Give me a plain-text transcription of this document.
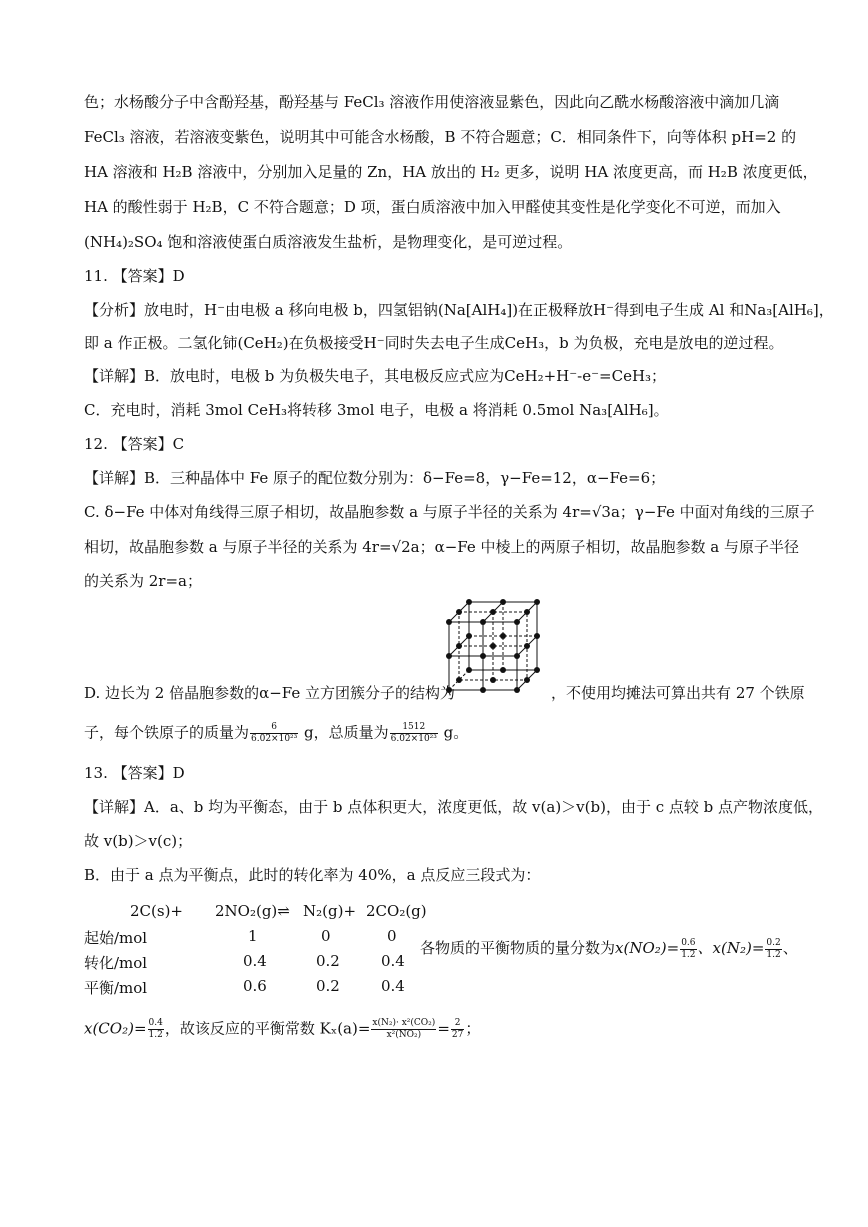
色；水杨酸分子中含酚羟基，酚羟基与 FeCl₃ 溶液作用使溶液显紫色，因此向乙酰水杨酸溶液中滴加几滴
FeCl₃ 溶液，若溶液变紫色，说明其中可能含水杨酸，B 不符合题意；C．相同条件下，向等体积 pH=2 的
HA 溶液和 H₂B 溶液中，分别加入足量的 Zn，HA 放出的 H₂ 更多，说明 HA 浓度更高，而 H₂B 浓度更低，
HA 的酸性弱于 H₂B，C 不符合题意；D 项，蛋白质溶液中加入甲醛使其变性是化学变化不可逆，而加入
(NH₄)₂SO₄ 饱和溶液使蛋白质溶液发生盐析，是物理变化，是可逆过程。
11. 【答案】D
【分析】放电时，H⁻由电极 a 移向电极 b，四氢铝钠(Na[AlH₄])在正极释放H⁻得到电子生成 Al 和Na₃[AlH₆]，
即 a 作正极。二氢化铈(CeH₂)在负极接受H⁻同时失去电子生成CeH₃，b 为负极，充电是放电的逆过程。
【详解】B．放电时，电极 b 为负极失电子，其电极反应式应为CeH₂+H⁻-e⁻=CeH₃；
C．充电时，消耗 3mol CeH₃将转移 3mol 电子，电极 a 将消耗 0.5mol Na₃[AlH₆]。
12. 【答案】C
【详解】B．三种晶体中 Fe 原子的配位数分别为：δ−Fe=8，γ−Fe=12，α−Fe=6；
C. δ−Fe 中体对角线得三原子相切，故晶胞参数 a 与原子半径的关系为 4r=√3a；γ−Fe 中面对角线的三原子
相切，故晶胞参数 a 与原子半径的关系为 4r=√2a；α−Fe 中棱上的两原子相切，故晶胞参数 a 与原子半径
的关系为 2r=a；
D. 边长为 2 倍晶胞参数的α−Fe 立方团簇分子的结构为	，不使用均摊法可算出共有 27 个铁原
子，每个铁原子的质量为 $\frac{6}{\text{6.02×10²³}}$ g，总质量为 $\frac{1512}{\text{6.02×10²³}}$ g。
13. 【答案】D
【详解】A．a、b 均为平衡态，由于 b 点体积更大，浓度更低，故 v(a)＞v(b)，由于 c 点较 b 点产物浓度低，
故 v(b)＞v(c)；
B．由于 a 点为平衡点，此时的转化率为 40%，a 点反应三段式为：
2C(s)+ 2NO₂(g)⇌ N₂(g)+ 2CO₂(g)
起始/mol	1	0	0
转化/mol	0.4	0.2	0.4
平衡/mol	0.6	0.2	0.4
各物质的平衡物质的量分数为$x(NO_2)= \frac{0.6}{1.2}$ 、$x(N_2)= \frac{0.2}{1.2}$ 、
$x(CO_2)= \frac{0.4}{1.2}$ ，故该反应的平衡常数 $K_x(a)= \frac{\text{x(N₂)· x²(CO₂)}}{\text{x²(NO₂)}} = \frac{2}{27}$ ；
